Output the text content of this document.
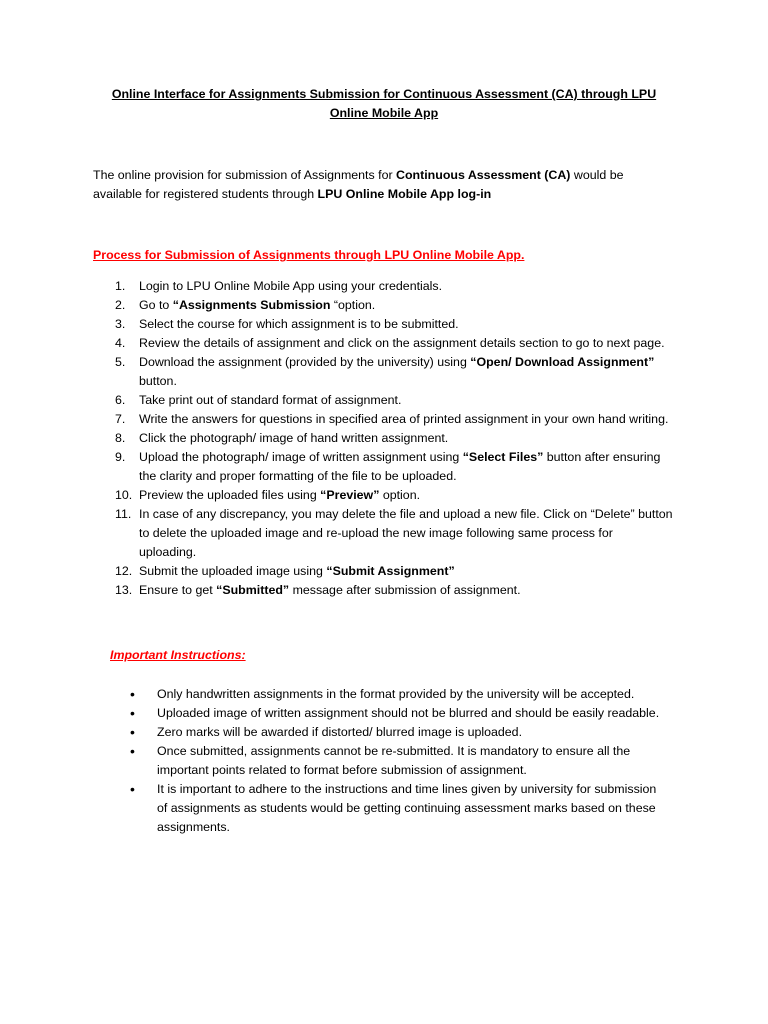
Online Interface for Assignments Submission for Continuous Assessment (CA) through LPU Online Mobile App

The online provision for submission of Assignments for Continuous Assessment (CA) would be available for registered students through LPU Online Mobile App log-in

Process for Submission of Assignments through LPU Online Mobile App.
1. Login to LPU Online Mobile App using your credentials.
2. Go to “Assignments Submission “option.
3. Select the course for which assignment is to be submitted.
4. Review the details of assignment and click on the assignment details section to go to next page.
5. Download the assignment (provided by the university) using “Open/ Download Assignment” button.
6. Take print out of standard format of assignment.
7. Write the answers for questions in specified area of printed assignment in your own hand writing.
8. Click the photograph/ image of hand written assignment.
9. Upload the photograph/ image of written assignment using “Select Files” button after ensuring the clarity and proper formatting of the file to be uploaded.
10. Preview the uploaded files using “Preview” option.
11. In case of any discrepancy, you may delete the file and upload a new file. Click on “Delete” button to delete the uploaded image and re-upload the new image following same process for uploading.
12. Submit the uploaded image using “Submit Assignment”
13. Ensure to get “Submitted” message after submission of assignment.
Important Instructions:
• Only handwritten assignments in the format provided by the university will be accepted.
• Uploaded image of written assignment should not be blurred and should be easily readable.
• Zero marks will be awarded if distorted/ blurred image is uploaded.
• Once submitted, assignments cannot be re-submitted. It is mandatory to ensure all the important points related to format before submission of assignment.
• It is important to adhere to the instructions and time lines given by university for submission of assignments as students would be getting continuing assessment marks based on these assignments.
